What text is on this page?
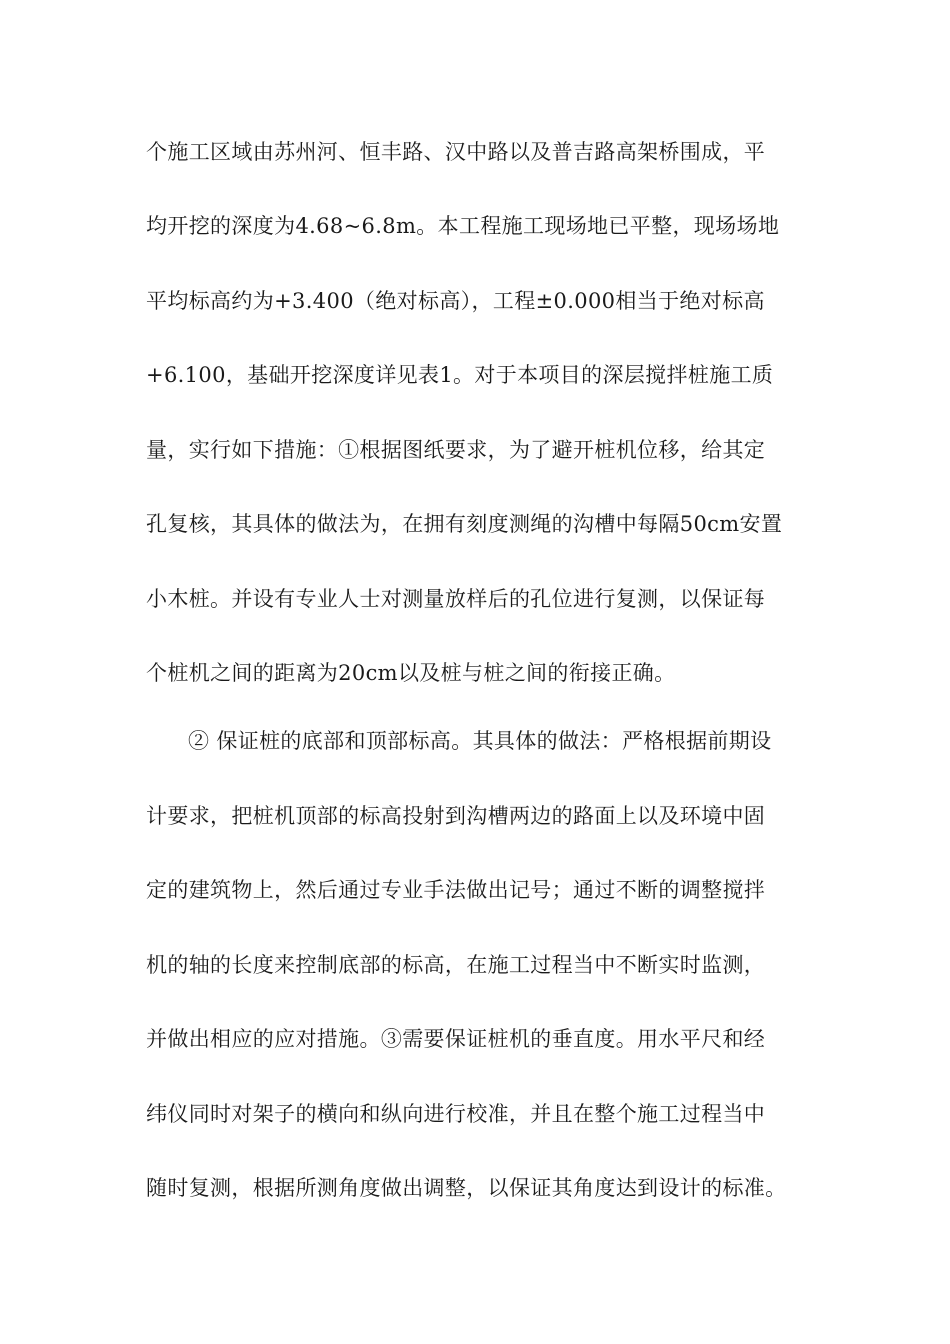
个施工区域由苏州河、恒丰路、汉中路以及普吉路高架桥围成，平
均开挖的深度为4.68~6.8m。本工程施工现场地已平整，现场场地
平均标高约为+3.400（绝对标高），工程±0.000相当于绝对标高
+6.100，基础开挖深度详见表1。对于本项目的深层搅拌桩施工质
量，实行如下措施：①根据图纸要求，为了避开桩机位移，给其定
孔复核，其具体的做法为，在拥有刻度测绳的沟槽中每隔50cm安置
小木桩。并设有专业人士对测量放样后的孔位进行复测，以保证每
个桩机之间的距离为20cm以及桩与桩之间的衔接正确。
② 保证桩的底部和顶部标高。其具体的做法：严格根据前期设
计要求，把桩机顶部的标高投射到沟槽两边的路面上以及环境中固
定的建筑物上，然后通过专业手法做出记号；通过不断的调整搅拌
机的轴的长度来控制底部的标高，在施工过程当中不断实时监测，
并做出相应的应对措施。③需要保证桩机的垂直度。用水平尺和经
纬仪同时对架子的横向和纵向进行校准，并且在整个施工过程当中
随时复测，根据所测角度做出调整，以保证其角度达到设计的标准。
